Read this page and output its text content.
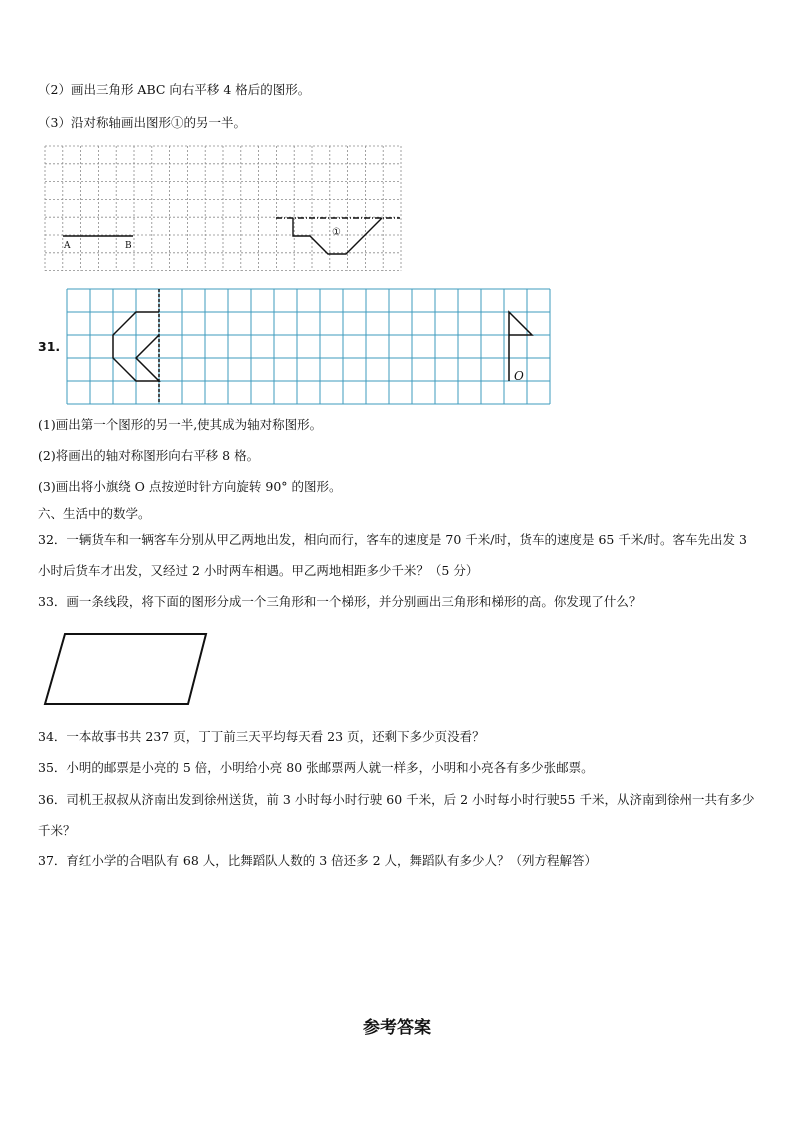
（2）画出三角形 ABC 向右平移 4 格后的图形。
（3）沿对称轴画出图形①的另一半。
A	B
①
O
31.
(1)画出第一个图形的另一半,使其成为轴对称图形。
(2)将画出的轴对称图形向右平移 8 格。
(3)画出将小旗绕 O 点按逆时针方向旋转 90° 的图形。
六、生活中的数学。
32．一辆货车和一辆客车分别从甲乙两地出发，相向而行，客车的速度是 70 千米/时，货车的速度是 65 千米/时。客车先出发 3 小时后货车才出发，又经过 2 小时两车相遇。甲乙两地相距多少千米？（5 分）
33．画一条线段，将下面的图形分成一个三角形和一个梯形，并分别画出三角形和梯形的高。你发现了什么？
34．一本故事书共 237 页，丁丁前三天平均每天看 23 页，还剩下多少页没看？
35．小明的邮票是小亮的 5 倍，小明给小亮 80 张邮票两人就一样多，小明和小亮各有多少张邮票。
36．司机王叔叔从济南出发到徐州送货，前 3 小时每小时行驶 60 千米，后 2 小时每小时行驶55 千米，从济南到徐州一共有多少千米？
37．育红小学的合唱队有 68 人，比舞蹈队人数的 3 倍还多 2 人，舞蹈队有多少人？（列方程解答）
参考答案
